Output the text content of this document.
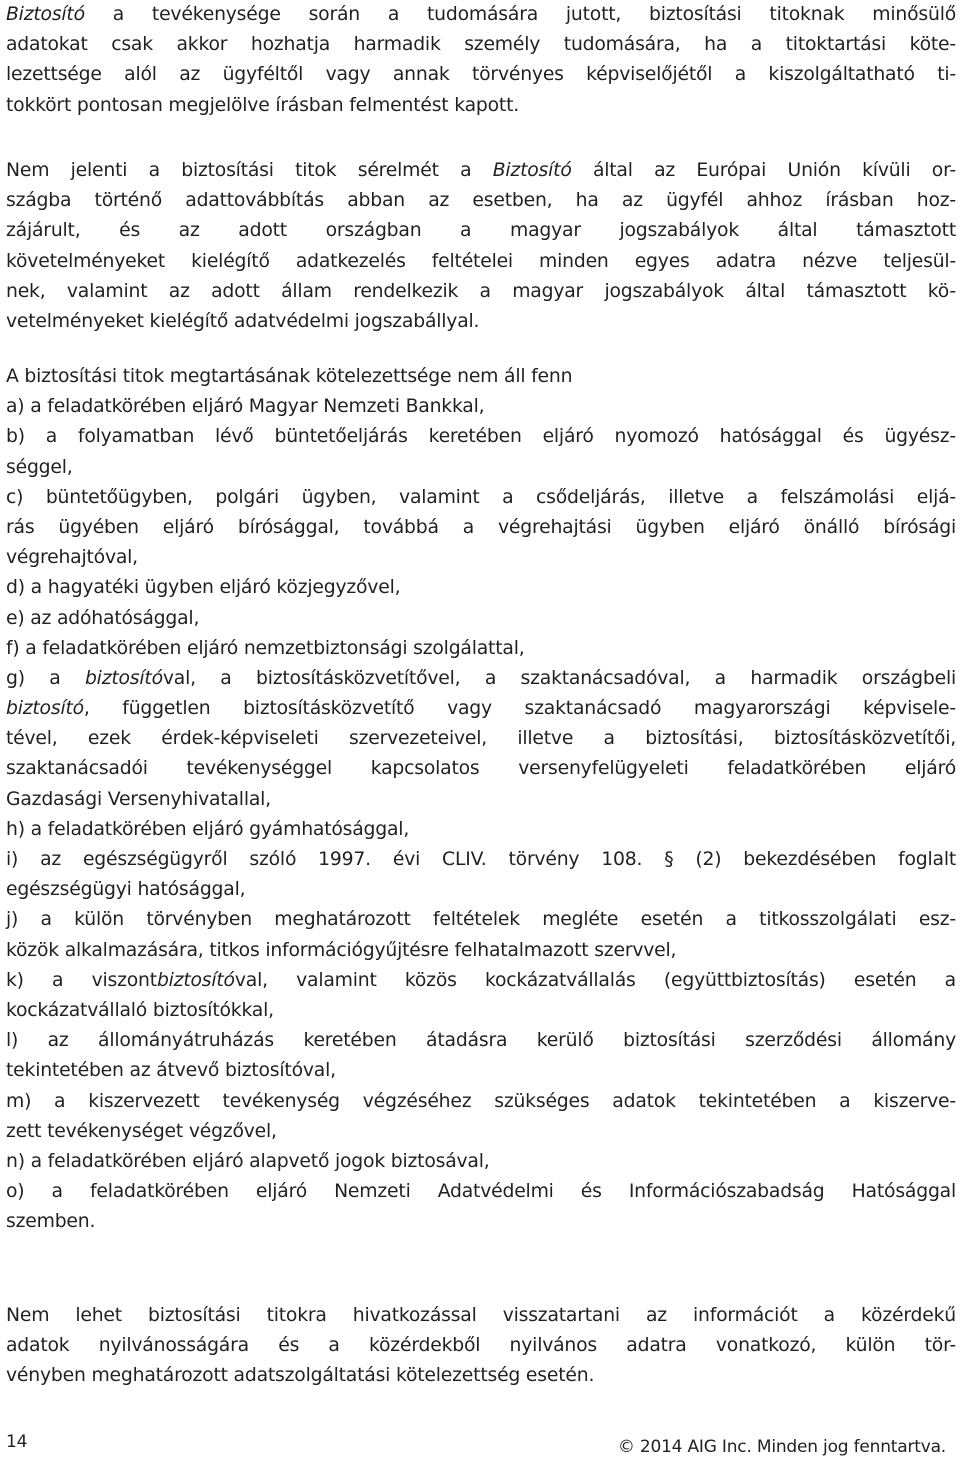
Biztosító a tevékenysége során a tudomására jutott, biztosítási titoknak minősülő
adatokat csak akkor hozhatja harmadik személy tudomására, ha a titoktartási köte-
lezettsége alól az ügyféltől vagy annak törvényes képviselőjétől a kiszolgáltatható ti-
tokkört pontosan megjelölve írásban felmentést kapott.
Nem jelenti a biztosítási titok sérelmét a Biztosító által az Európai Unión kívüli or-
szágba történő adattovábbítás abban az esetben, ha az ügyfél ahhoz írásban hoz-
zájárult, és az adott országban a magyar jogszabályok által támasztott
követelményeket kielégítő adatkezelés feltételei minden egyes adatra nézve teljesül-
nek, valamint az adott állam rendelkezik a magyar jogszabályok által támasztott kö-
vetelményeket kielégítő adatvédelmi jogszabállyal.
A biztosítási titok megtartásának kötelezettsége nem áll fenn
a) a feladatkörében eljáró Magyar Nemzeti Bankkal,
b) a folyamatban lévő büntetőeljárás keretében eljáró nyomozó hatósággal és ügyész-
séggel,
c) büntetőügyben, polgári ügyben, valamint a csődeljárás, illetve a felszámolási eljá-
rás ügyében eljáró bírósággal, továbbá a végrehajtási ügyben eljáró önálló bírósági
végrehajtóval,
d) a hagyatéki ügyben eljáró közjegyzővel,
e) az adóhatósággal,
f) a feladatkörében eljáró nemzetbiztonsági szolgálattal,
g) a biztosítóval, a biztosításközvetítővel, a szaktanácsadóval, a harmadik országbeli
biztosító, független biztosításközvetítő vagy szaktanácsadó magyarországi képvisele-
tével, ezek érdek-képviseleti szervezeteivel, illetve a biztosítási, biztosításközvetítői,
szaktanácsadói tevékenységgel kapcsolatos versenyfelügyeleti feladatkörében eljáró
Gazdasági Versenyhivatallal,
h) a feladatkörében eljáró gyámhatósággal,
i) az egészségügyről szóló 1997. évi CLIV. törvény 108. § (2) bekezdésében foglalt
egészségügyi hatósággal,
j) a külön törvényben meghatározott feltételek megléte esetén a titkosszolgálati esz-
közök alkalmazására, titkos információgyűjtésre felhatalmazott szervvel,
k) a viszontbiztosítóval, valamint közös kockázatvállalás (együttbiztosítás) esetén a
kockázatvállaló biztosítókkal,
l) az állományátruházás keretében átadásra kerülő biztosítási szerződési állomány
tekintetében az átvevő biztosítóval,
m) a kiszervezett tevékenység végzéséhez szükséges adatok tekintetében a kiszerve-
zett tevékenységet végzővel,
n) a feladatkörében eljáró alapvető jogok biztosával,
o) a feladatkörében eljáró Nemzeti Adatvédelmi és Információszabadság Hatósággal
szemben.
Nem lehet biztosítási titokra hivatkozással visszatartani az információt a közérdekű
adatok nyilvánosságára és a közérdekből nyilvános adatra vonatkozó, külön tör-
vényben meghatározott adatszolgáltatási kötelezettség esetén.
14	© 2014 AIG Inc. Minden jog fenntartva.
